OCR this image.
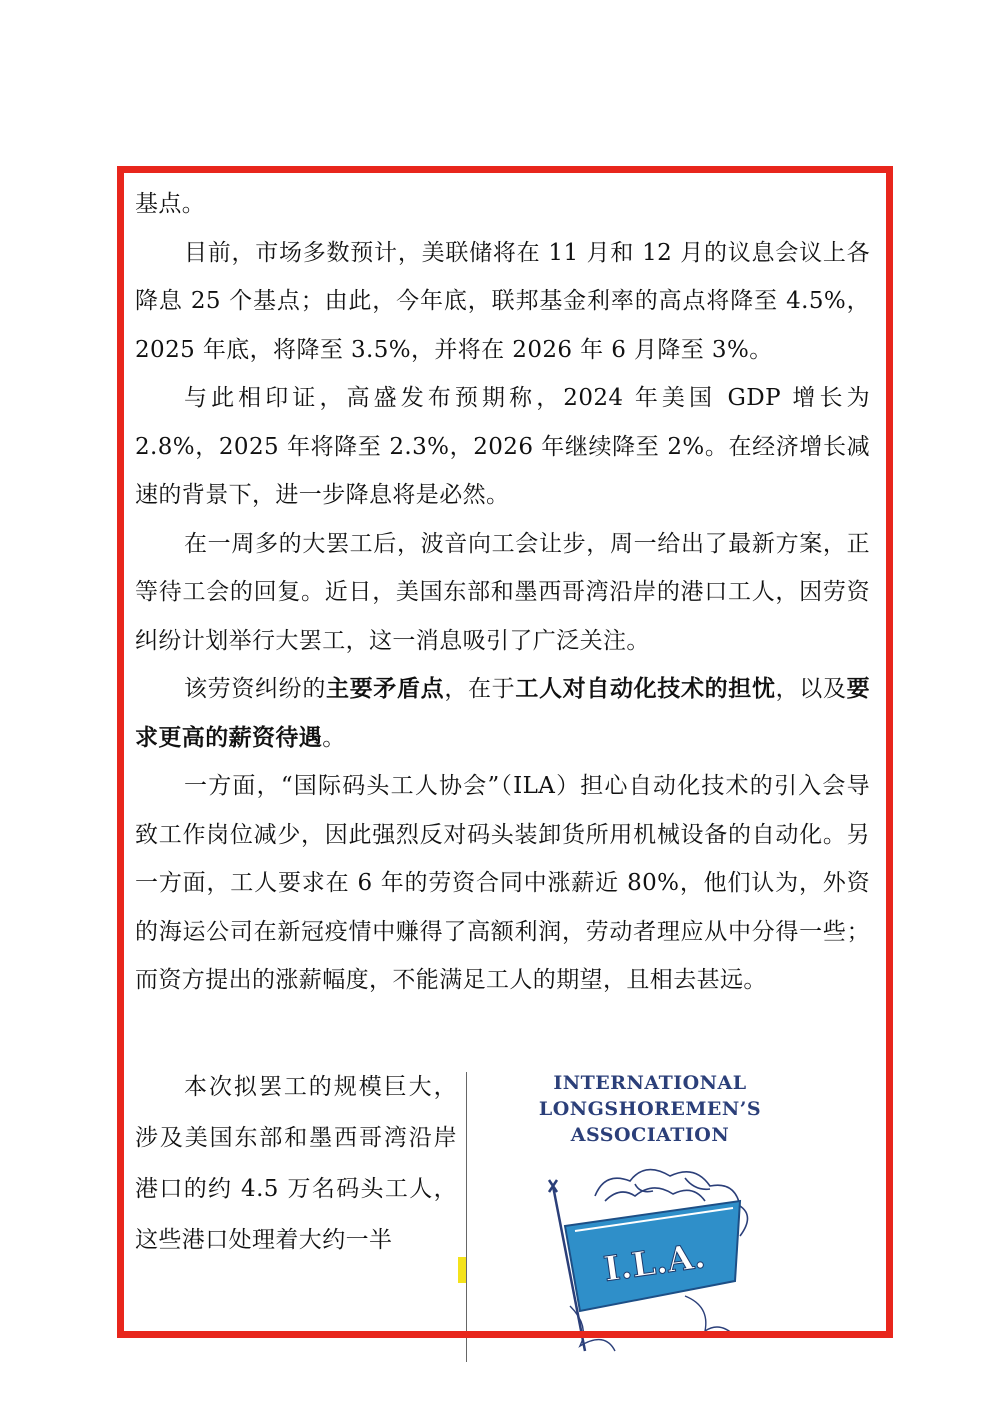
基点。

目前，市场多数预计，美联储将在 11 月和 12 月的议息会议上各降息 25 个基点；由此，今年底，联邦基金利率的高点将降至 4.5%，2025 年底，将降至 3.5%，并将在 2026 年 6 月降至 3%。

与此相印证，高盛发布预期称，2024 年美国 GDP 增长为 2.8%，2025 年将降至 2.3%，2026 年继续降至 2%。在经济增长减速的背景下，进一步降息将是必然。

在一周多的大罢工后，波音向工会让步，周一给出了最新方案，正等待工会的回复。近日，美国东部和墨西哥湾沿岸的港口工人，因劳资纠纷计划举行大罢工，这一消息吸引了广泛关注。

该劳资纠纷的主要矛盾点，在于工人对自动化技术的担忧，以及要求更高的薪资待遇。

一方面，“国际码头工人协会”（ILA）担心自动化技术的引入会导致工作岗位减少，因此强烈反对码头装卸货所用机械设备的自动化。另一方面，工人要求在 6 年的劳资合同中涨薪近 80%，他们认为，外资的海运公司在新冠疫情中赚得了高额利润，劳动者理应从中分得一些；而资方提出的涨薪幅度，不能满足工人的期望，且相去甚远。

本次拟罢工的规模巨大，涉及美国东部和墨西哥湾沿岸港口的约 4.5 万名码头工人，这些港口处理着大约一半

INTERNATIONAL

LONGSHOREMEN’S

ASSOCIATION

I.L.A.
